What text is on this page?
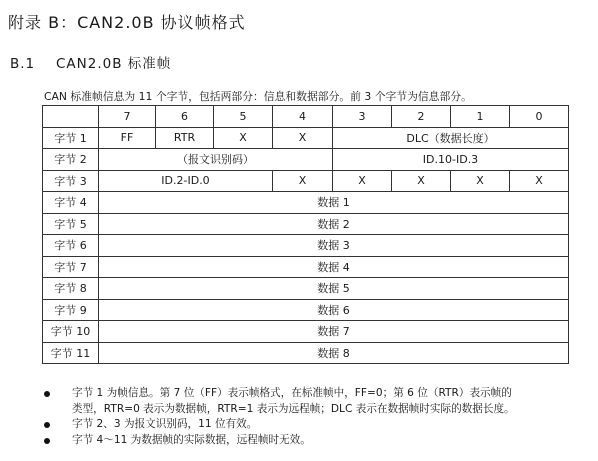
附录 B：CAN2.0B 协议帧格式
B.1 CAN2.0B 标准帧
CAN 标准帧信息为 11 个字节，包括两部分：信息和数据部分。前 3 个字节为信息部分。
	7	6	5	4	3	2	1	0
字节 1	FF	RTR	X	X	DLC（数据长度）			
字节 2	（报文识别码）				ID.10-ID.3			
字节 3	ID.2-ID.0			X	X	X	X	X
字节 4	数据 1							
字节 5	数据 2							
字节 6	数据 3							
字节 7	数据 4							
字节 8	数据 5							
字节 9	数据 6							
字节 10	数据 7							
字节 11	数据 8							
字节 1 为帧信息。第 7 位（FF）表示帧格式，在标准帧中，FF=0；第 6 位（RTR）表示帧的
类型，RTR=0 表示为数据帧，RTR=1 表示为远程帧；DLC 表示在数据帧时实际的数据长度。
字节 2、3 为报文识别码，11 位有效。
字节 4～11 为数据帧的实际数据，远程帧时无效。
